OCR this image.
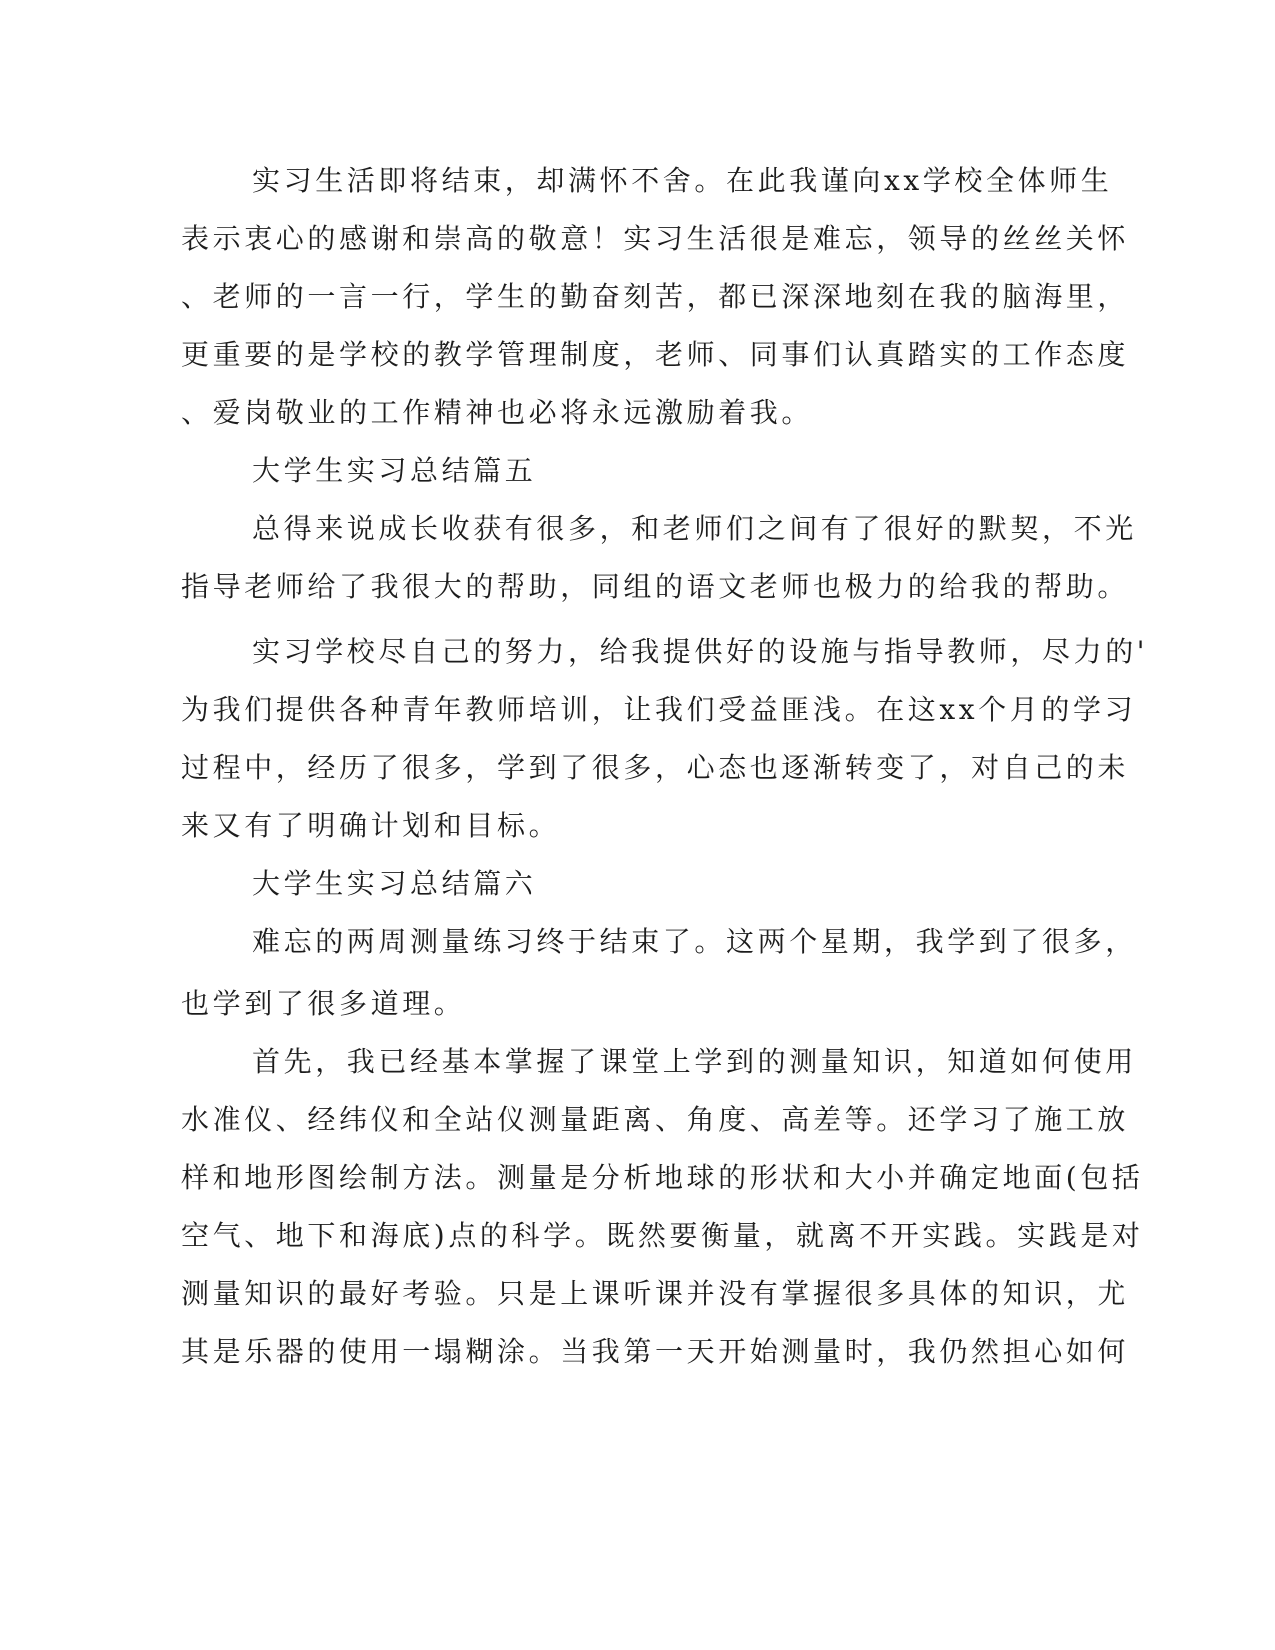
实习生活即将结束，却满怀不舍。在此我谨向xx学校全体师生
表示衷心的感谢和崇高的敬意！实习生活很是难忘，领导的丝丝关怀
、老师的一言一行，学生的勤奋刻苦，都已深深地刻在我的脑海里，
更重要的是学校的教学管理制度，老师、同事们认真踏实的工作态度
、爱岗敬业的工作精神也必将永远激励着我。
大学生实习总结篇五
总得来说成长收获有很多，和老师们之间有了很好的默契，不光
指导老师给了我很大的帮助，同组的语文老师也极力的给我的帮助。
实习学校尽自己的努力，给我提供好的设施与指导教师，尽力的'
为我们提供各种青年教师培训，让我们受益匪浅。在这xx个月的学习
过程中，经历了很多，学到了很多，心态也逐渐转变了，对自己的未
来又有了明确计划和目标。
大学生实习总结篇六
难忘的两周测量练习终于结束了。这两个星期，我学到了很多，
也学到了很多道理。
首先，我已经基本掌握了课堂上学到的测量知识，知道如何使用
水准仪、经纬仪和全站仪测量距离、角度、高差等。还学习了施工放
样和地形图绘制方法。测量是分析地球的形状和大小并确定地面(包括
空气、地下和海底)点的科学。既然要衡量，就离不开实践。实践是对
测量知识的最好考验。只是上课听课并没有掌握很多具体的知识，尤
其是乐器的使用一塌糊涂。当我第一天开始测量时，我仍然担心如何
